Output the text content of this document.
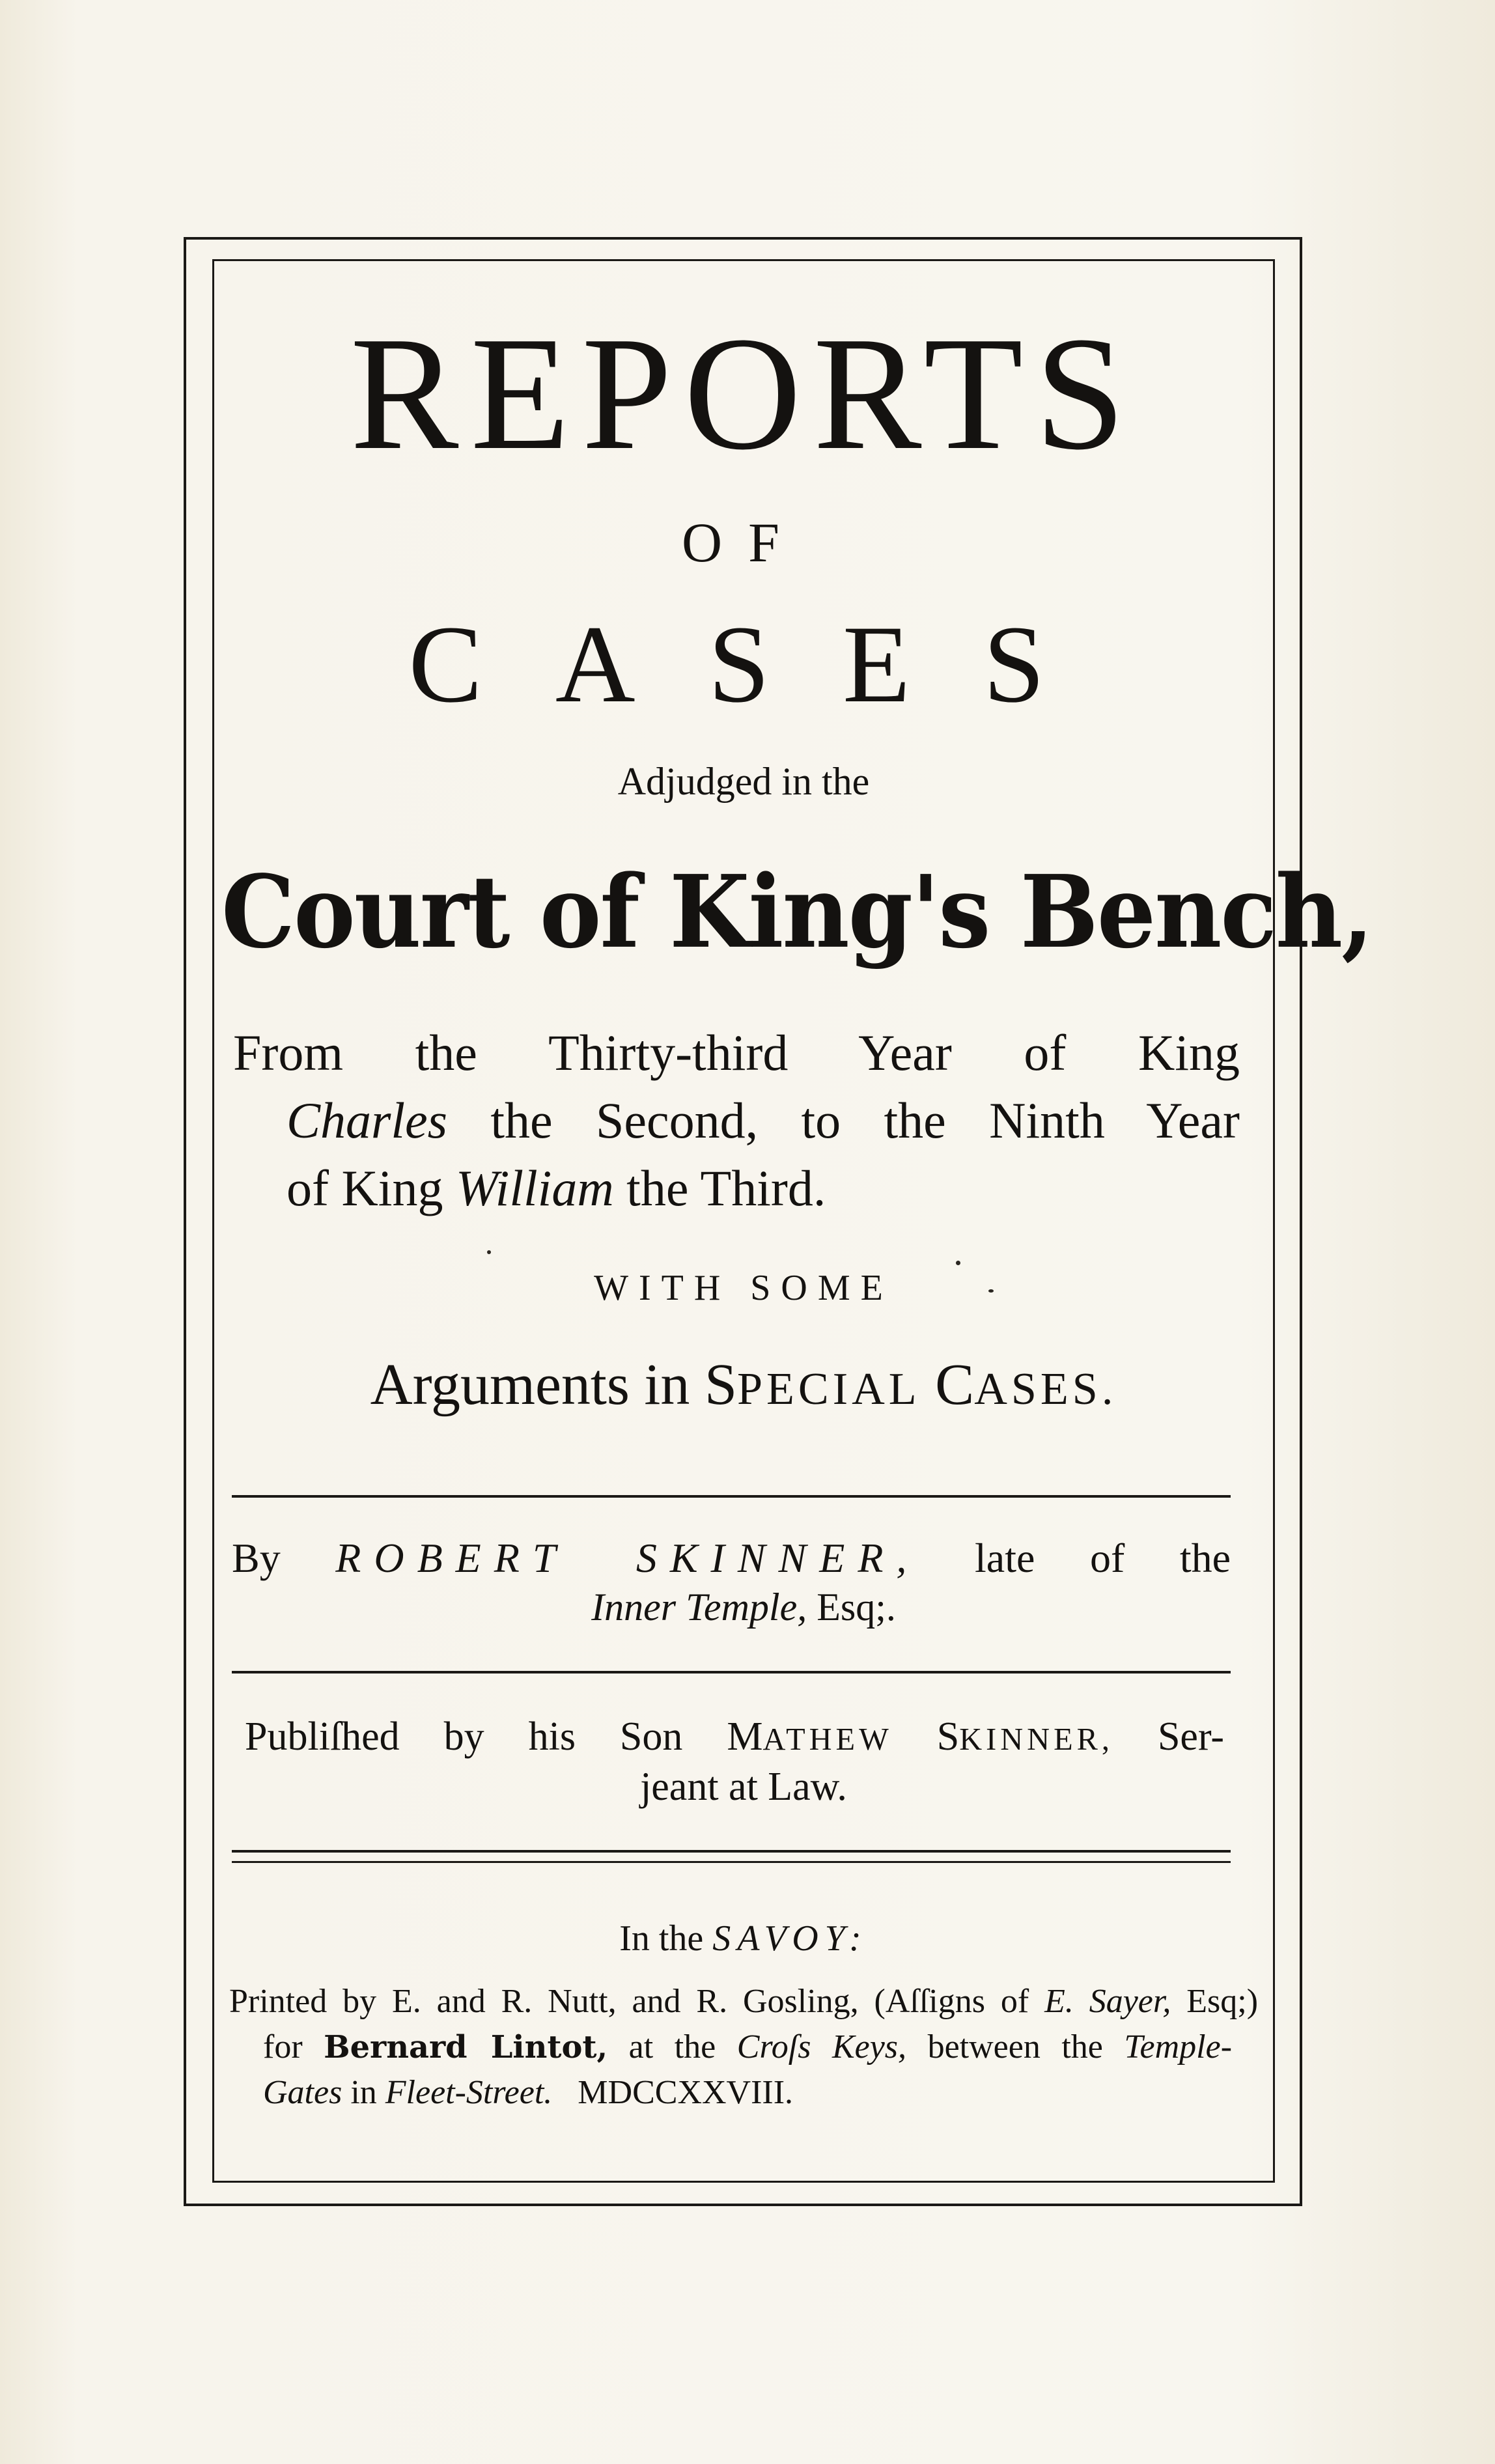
REPORTS
OF
CASES
Adjudged in the
Court of King's Bench,
From the Thirty-third Year of King
Charles the Second, to the Ninth Year
of King William the Third.
WITH SOME
Arguments in SPECIAL CASES.
By ROBERT SKINNER, late of the
Inner Temple, Esq;.
Publiſhed by his Son MATHEW SKINNER, Ser-
jeant at Law.
In the SAVOY:
Printed by E. and R. Nutt, and R. Gosling, (Aſſigns of E. Sayer, Esq;)
for Bernard Lintot, at the Croſs Keys, between the Temple-
Gates in Fleet-Street. MDCCXXVIII.
